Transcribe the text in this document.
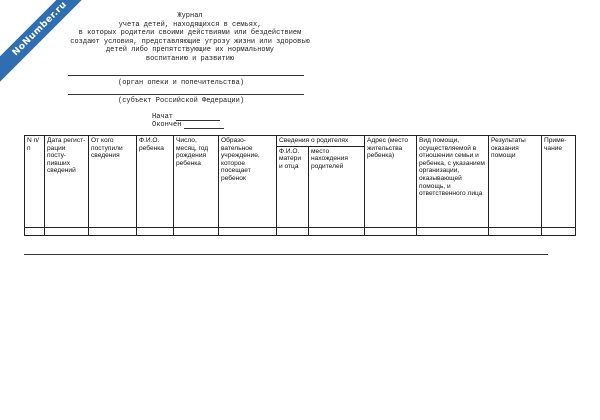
NoNumber.ru	Журнал
учета детей, находящихся в семьях,
в которых родители своими действиями или бездействием
создают условия, представляющие угрозу жизни или здоровью
детей либо препятствующие их нормальному
воспитанию и развитию
(орган опеки и попечительства)
(субъект Российской Федерации)
Начат
Окончен
N п/п	Дата регист-рации посту-пивших сведений	От кого поступили сведения	Ф.И.О. ребенка	Число, месяц, год рождения ребенка	Образо-вательное учреждение, которое посещает ребенок	Сведения о родителях		Адрес (место жительства ребенка)	Вид помощи, осуществляемой в отношении семьи и ребенка, с указанием организации, оказывающей помощь, и ответственного лица	Результаты оказания помощи	Приме-чание
						Ф.И.О. матери и отца	место нахождения родителей				
